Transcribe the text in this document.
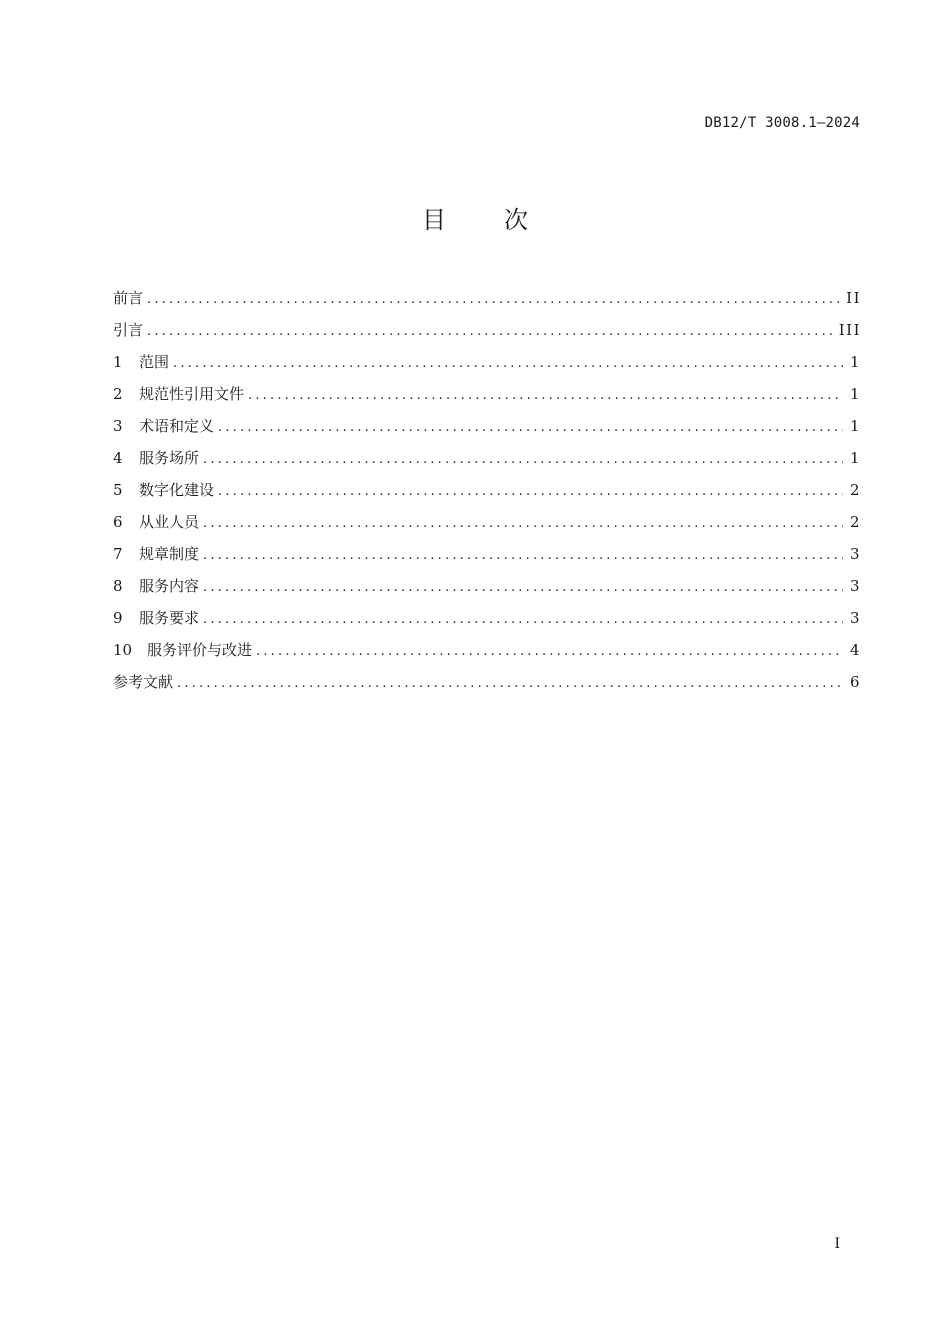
DB12/T 3008.1—2024
目 次
前言 .....	II
引言 .....	III
1	范围 .....	1
2	规范性引用文件 .....	1
3	术语和定义 .....	1
4	服务场所 .....	1
5	数字化建设 .....	2
6	从业人员 .....	2
7	规章制度 .....	3
8	服务内容 .....	3
9	服务要求 .....	3
10 服务评价与改进 .....	4
参考文献 .....	6
I
